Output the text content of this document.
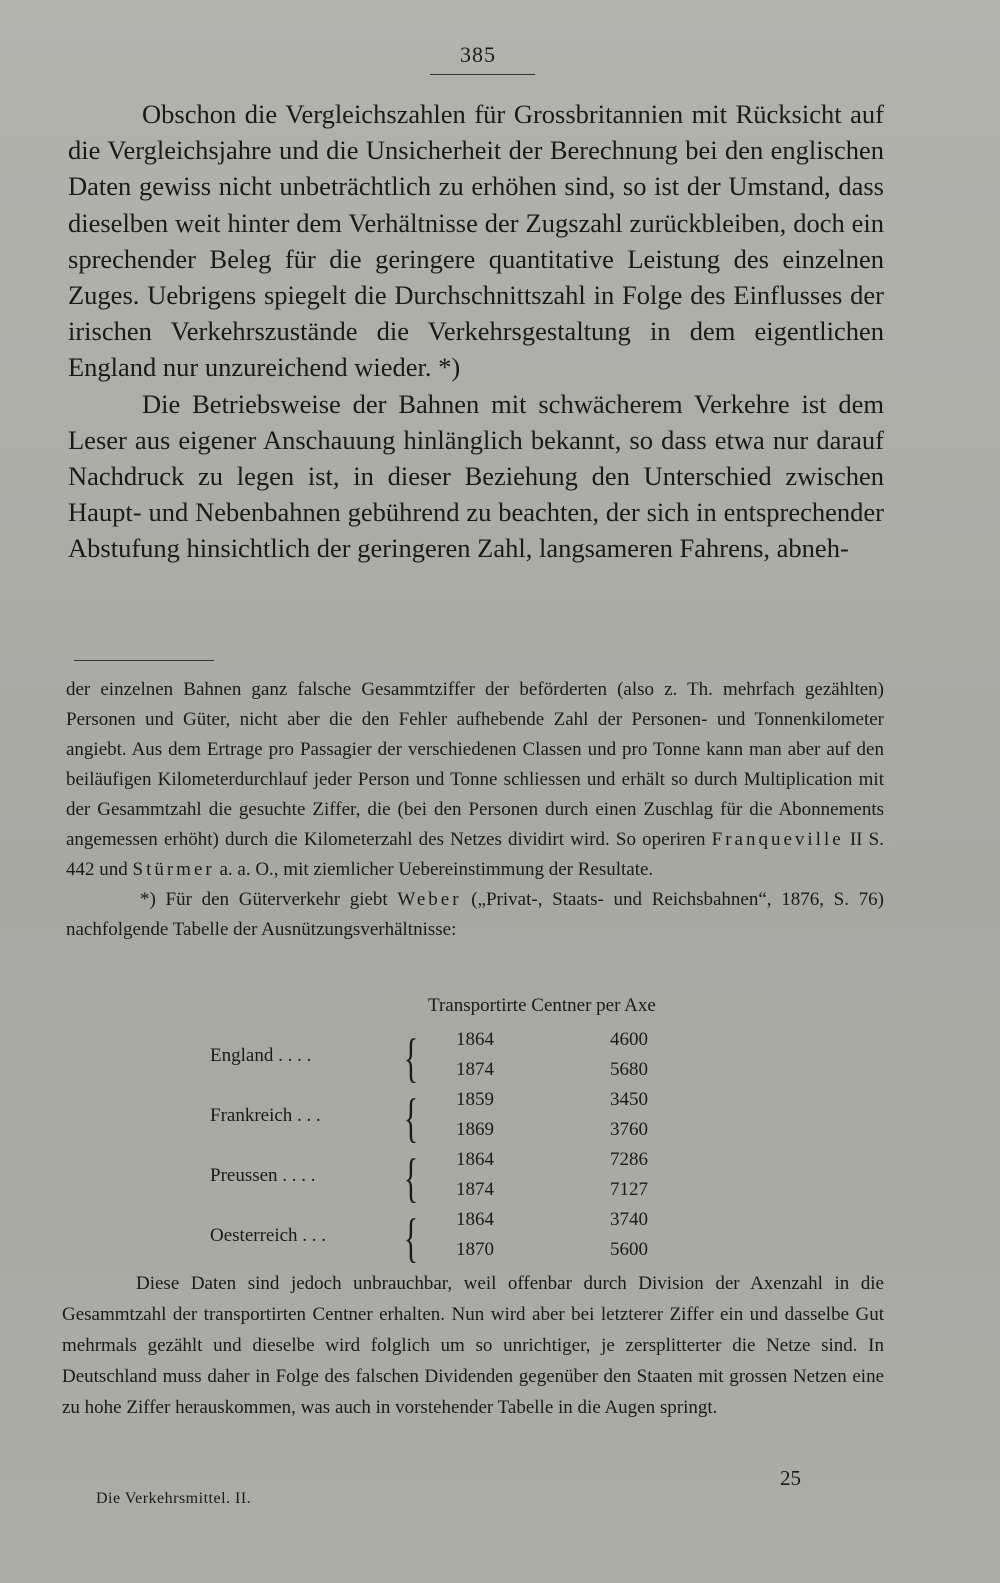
385

Obschon die Vergleichszahlen für Grossbritannien mit Rücksicht auf die Vergleichsjahre und die Unsicherheit der Berechnung bei den englischen Daten gewiss nicht unbeträchtlich zu erhöhen sind, so ist der Umstand, dass dieselben weit hinter dem Verhältnisse der Zugszahl zurückbleiben, doch ein sprechender Beleg für die geringere quantitative Leistung des einzelnen Zuges. Uebrigens spiegelt die Durchschnittszahl in Folge des Einflusses der irischen Verkehrszustände die Verkehrsgestaltung in dem eigentlichen England nur unzureichend wieder. *)

Die Betriebsweise der Bahnen mit schwächerem Verkehre ist dem Leser aus eigener Anschauung hinlänglich bekannt, so dass etwa nur darauf Nachdruck zu legen ist, in dieser Beziehung den Unterschied zwischen Haupt- und Nebenbahnen gebührend zu beachten, der sich in entsprechender Abstufung hinsichtlich der geringeren Zahl, langsameren Fahrens, abneh-

der einzelnen Bahnen ganz falsche Gesammtziffer der beförderten (also z. Th. mehrfach gezählten) Personen und Güter, nicht aber die den Fehler aufhebende Zahl der Personen- und Tonnenkilometer angiebt. Aus dem Ertrage pro Passagier der verschiedenen Classen und pro Tonne kann man aber auf den beiläufigen Kilometerdurchlauf jeder Person und Tonne schliessen und erhält so durch Multiplication mit der Gesammtzahl die gesuchte Ziffer, die (bei den Personen durch einen Zuschlag für die Abonnements angemessen erhöht) durch die Kilometerzahl des Netzes dividirt wird. So operiren Franqueville II S. 442 und Stürmer a. a. O., mit ziemlicher Uebereinstimmung der Resultate.

*) Für den Güterverkehr giebt Weber („Privat-, Staats- und Reichsbahnen“, 1876, S. 76) nachfolgende Tabelle der Ausnützungsverhältnisse:

Transportirte Centner per Axe
England . . . . { 1864	4600
1874	5680
Frankreich . . . { 1859	3450
1869	3760
Preussen . . . . { 1864	7286
1874	7127
Oesterreich . . . { 1864	3740
1870	5600

Diese Daten sind jedoch unbrauchbar, weil offenbar durch Division der Axenzahl in die Gesammtzahl der transportirten Centner erhalten. Nun wird aber bei letzterer Ziffer ein und dasselbe Gut mehrmals gezählt und dieselbe wird folglich um so unrichtiger, je zersplitterter die Netze sind. In Deutschland muss daher in Folge des falschen Dividenden gegenüber den Staaten mit grossen Netzen eine zu hohe Ziffer herauskommen, was auch in vorstehender Tabelle in die Augen springt.

Die Verkehrsmittel. II.
25
